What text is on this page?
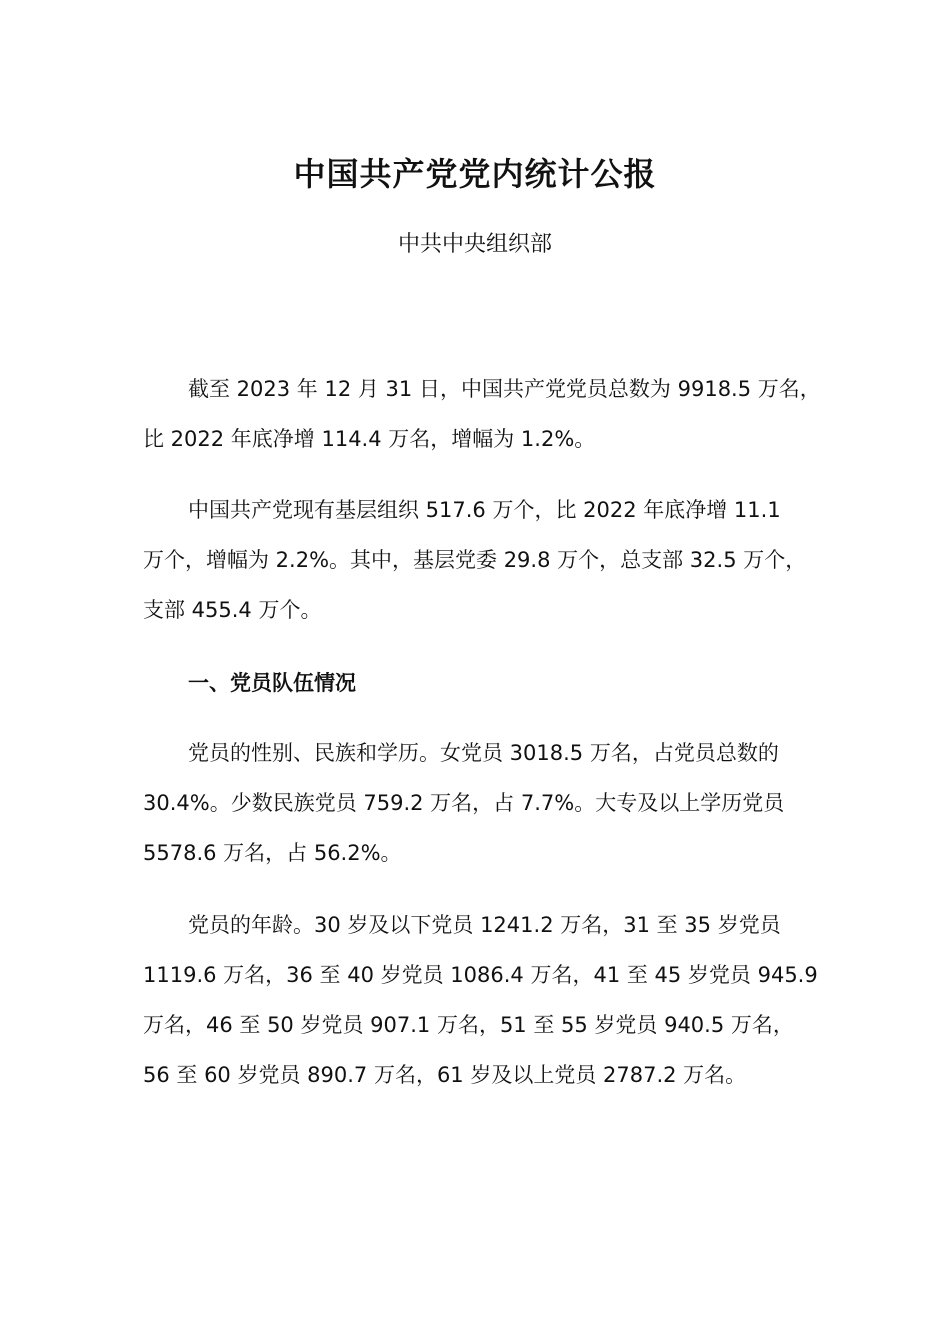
中国共产党党内统计公报
中共中央组织部
截至 2023 年 12 月 31 日，中国共产党党员总数为 9918.5 万名，
比 2022 年底净增 114.4 万名，增幅为 1.2%。
中国共产党现有基层组织 517.6 万个，比 2022 年底净增 11.1
万个，增幅为 2.2%。其中，基层党委 29.8 万个，总支部 32.5 万个，
支部 455.4 万个。
一、党员队伍情况
党员的性别、民族和学历。女党员 3018.5 万名，占党员总数的
30.4%。少数民族党员 759.2 万名，占 7.7%。大专及以上学历党员
5578.6 万名，占 56.2%。
党员的年龄。30 岁及以下党员 1241.2 万名，31 至 35 岁党员
1119.6 万名，36 至 40 岁党员 1086.4 万名，41 至 45 岁党员 945.9
万名，46 至 50 岁党员 907.1 万名，51 至 55 岁党员 940.5 万名，
56 至 60 岁党员 890.7 万名，61 岁及以上党员 2787.2 万名。
